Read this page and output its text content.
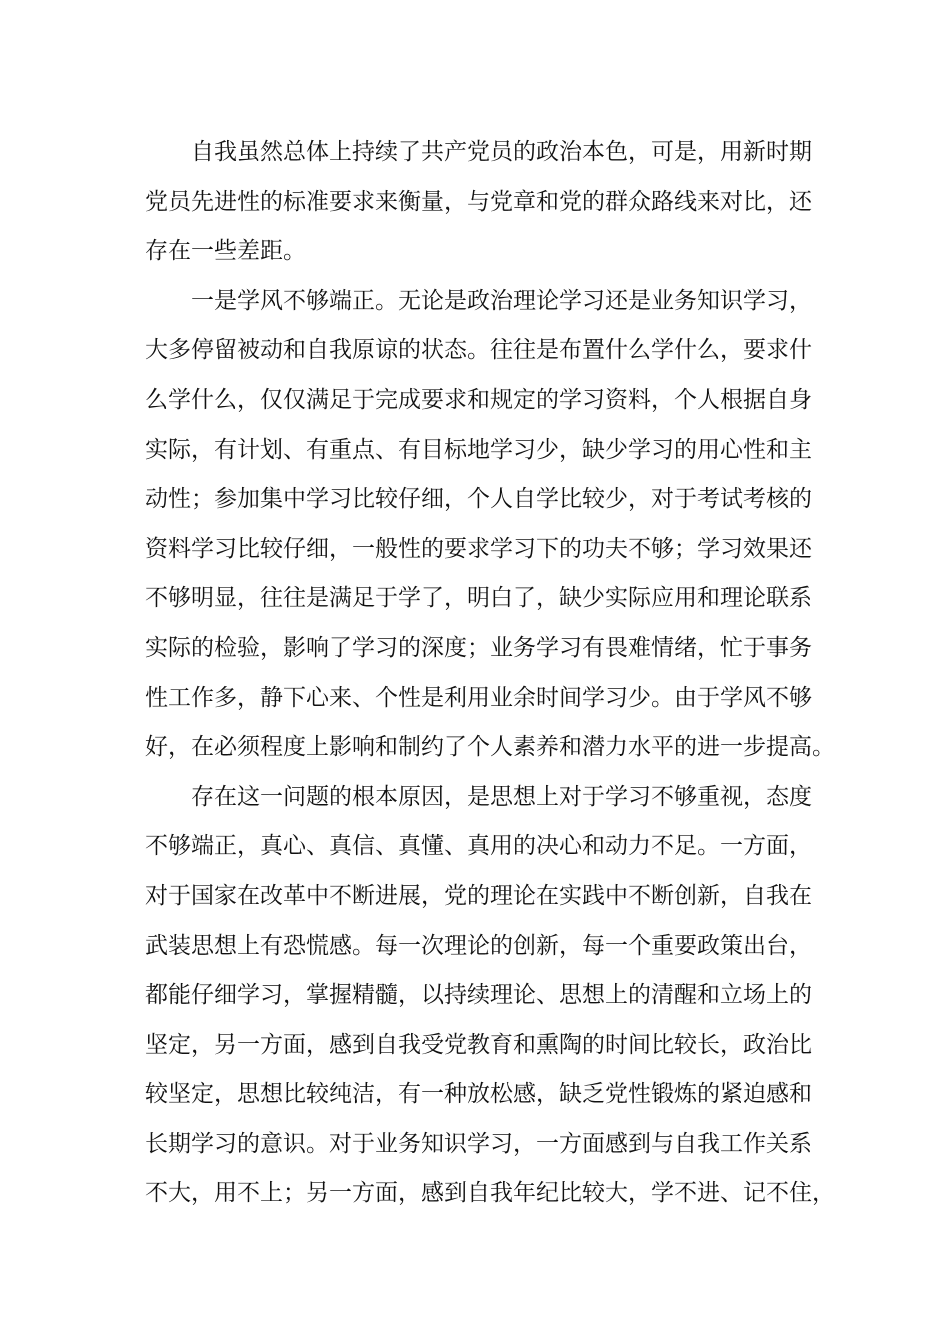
自我虽然总体上持续了共产党员的政治本色，可是，用新时期
党员先进性的标准要求来衡量，与党章和党的群众路线来对比，还
存在一些差距。
一是学风不够端正。无论是政治理论学习还是业务知识学习，
大多停留被动和自我原谅的状态。往往是布置什么学什么，要求什
么学什么，仅仅满足于完成要求和规定的学习资料，个人根据自身
实际，有计划、有重点、有目标地学习少，缺少学习的用心性和主
动性；参加集中学习比较仔细，个人自学比较少，对于考试考核的
资料学习比较仔细，一般性的要求学习下的功夫不够；学习效果还
不够明显，往往是满足于学了，明白了，缺少实际应用和理论联系
实际的检验，影响了学习的深度；业务学习有畏难情绪，忙于事务
性工作多，静下心来、个性是利用业余时间学习少。由于学风不够
好，在必须程度上影响和制约了个人素养和潜力水平的进一步提高。
存在这一问题的根本原因，是思想上对于学习不够重视，态度
不够端正，真心、真信、真懂、真用的决心和动力不足。一方面，
对于国家在改革中不断进展，党的理论在实践中不断创新，自我在
武装思想上有恐慌感。每一次理论的创新，每一个重要政策出台，
都能仔细学习，掌握精髓，以持续理论、思想上的清醒和立场上的
坚定，另一方面，感到自我受党教育和熏陶的时间比较长，政治比
较坚定，思想比较纯洁，有一种放松感，缺乏党性锻炼的紧迫感和
长期学习的意识。对于业务知识学习，一方面感到与自我工作关系
不大，用不上；另一方面，感到自我年纪比较大，学不进、记不住，
